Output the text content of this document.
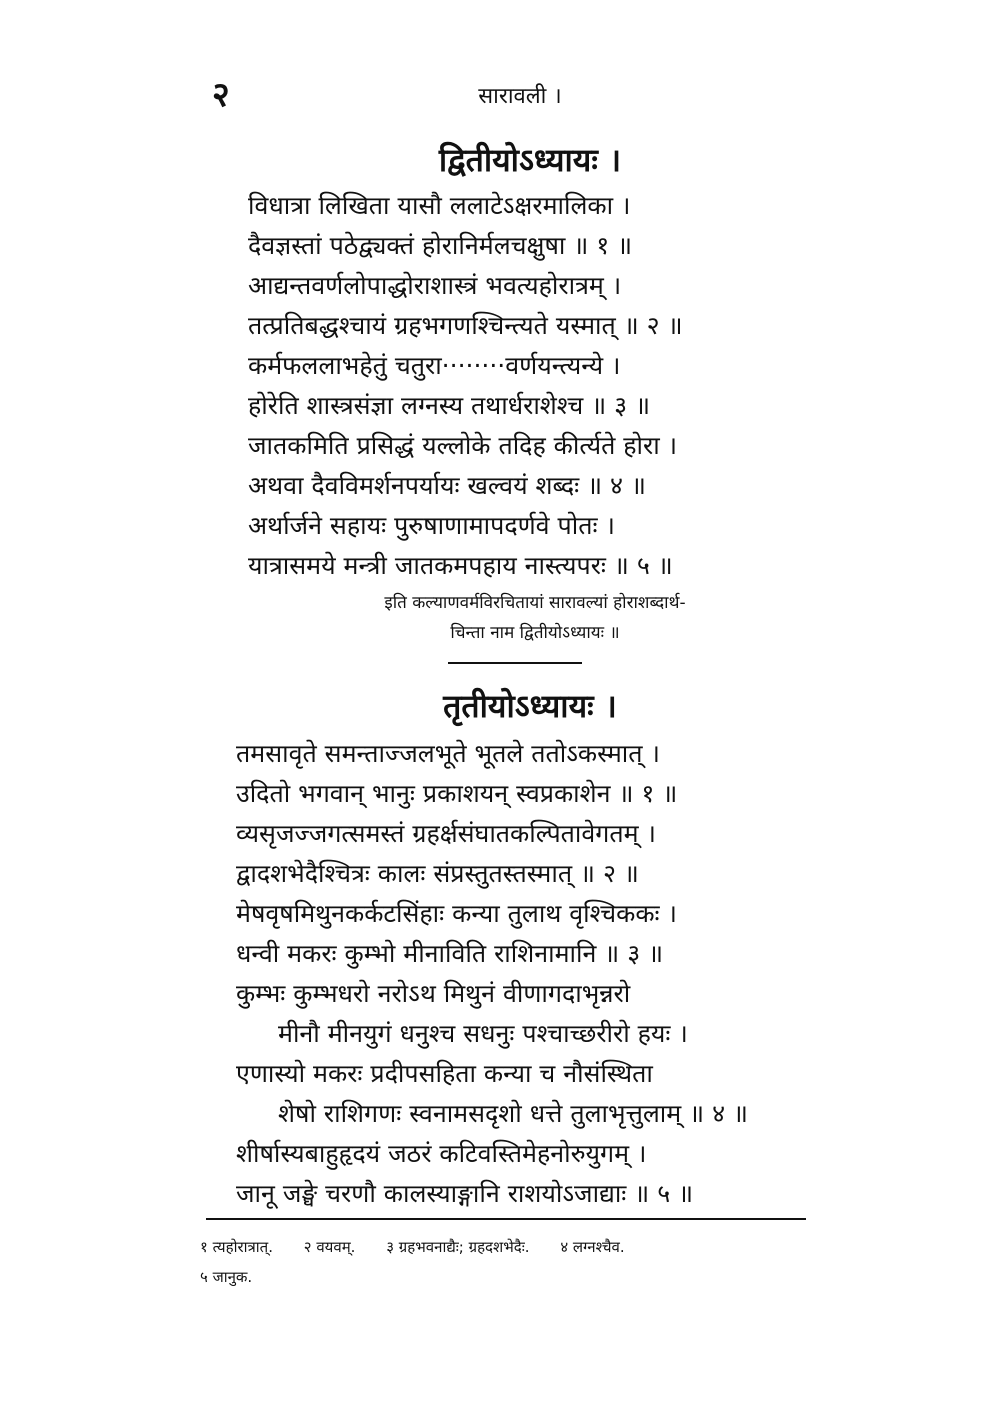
२	सारावली ।
द्वितीयोऽध्यायः ।
विधात्रा लिखिता यासौ ललाटेऽक्षरमालिका ।
दैवज्ञस्तां पठेद्व्यक्तं होरानिर्मलचक्षुषा ॥ १ ॥
आद्यन्तवर्णलोपाद्धोराशास्त्रं भवत्यहोरात्रम् ।
तत्प्रतिबद्धश्चायं ग्रहभगणश्चिन्त्यते यस्मात् ॥ २ ॥
कर्मफललाभहेतुं चतुरा········वर्णयन्त्यन्ये ।
होरेति शास्त्रसंज्ञा लग्नस्य तथार्धराशेश्च ॥ ३ ॥
जातकमिति प्रसिद्धं यल्लोके तदिह कीर्त्यते होरा ।
अथवा दैवविमर्शनपर्यायः खल्वयं शब्दः ॥ ४ ॥
अर्थार्जने सहायः पुरुषाणामापदर्णवे पोतः ।
यात्रासमये मन्त्री जातकमपहाय नास्त्यपरः ॥ ५ ॥
इति कल्याणवर्मविरचितायां सारावल्यां होराशब्दार्थ-
चिन्ता नाम द्वितीयोऽध्यायः ॥
तृतीयोऽध्यायः ।
तमसावृते समन्ताज्जलभूते भूतले ततोऽकस्मात् ।
उदितो भगवान् भानुः प्रकाशयन् स्वप्रकाशेन ॥ १ ॥
व्यसृजज्जगत्समस्तं ग्रहर्क्षसंघातकल्पितावेगतम् ।
द्वादशभेदैश्चित्रः कालः संप्रस्तुतस्तस्मात् ॥ २ ॥
मेषवृषमिथुनकर्कटसिंहाः कन्या तुलाथ वृश्चिककः ।
धन्वी मकरः कुम्भो मीनाविति राशिनामानि ॥ ३ ॥
कुम्भः कुम्भधरो नरोऽथ मिथुनं वीणागदाभृन्नरो
मीनौ मीनयुगं धनुश्च सधनुः पश्चाच्छरीरो हयः ।
एणास्यो मकरः प्रदीपसहिता कन्या च नौसंस्थिता
शेषो राशिगणः स्वनामसदृशो धत्ते तुलाभृत्तुलाम् ॥ ४ ॥
शीर्षास्यबाहुहृदयं जठरं कटिवस्तिमेहनोरुयुगम् ।
जानू जङ्घे चरणौ कालस्याङ्गानि राशयोऽजाद्याः ॥ ५ ॥
१ त्यहोरात्रात्. २ वयवम्. ३ ग्रहभवनाद्यैः; ग्रहदशभेदैः. ४ लग्नश्चैव.
५ जानुक.
